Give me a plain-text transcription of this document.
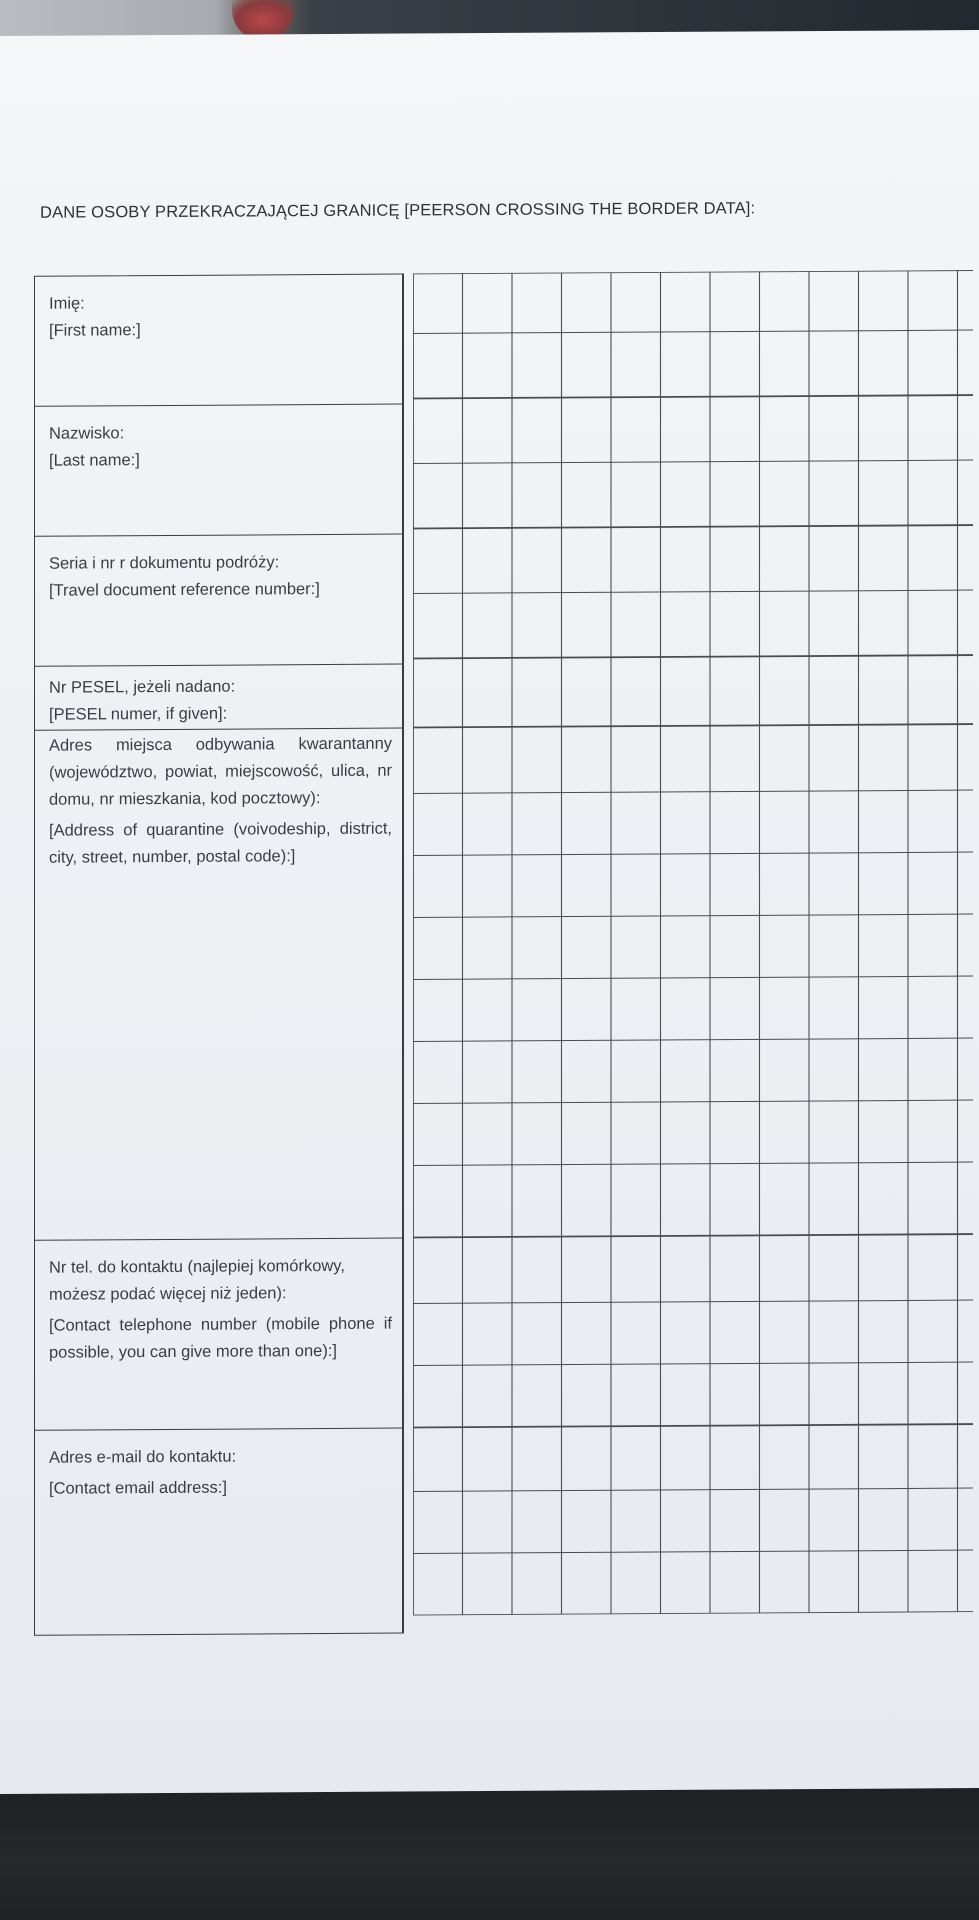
DANE OSOBY PRZEKRACZAJĄCEJ GRANICĘ [PEERSON CROSSING THE BORDER DATA]:

Imię:

[First name:]

Nazwisko:

[Last name:]

Seria i nr r dokumentu podróży:

[Travel document reference number:]

Nr PESEL, jeżeli nadano:

[PESEL numer, if given]:

Adres miejsca odbywania kwarantanny (województwo, powiat, miejscowość, ulica, nr domu, nr mieszkania, kod pocztowy):

[Address of quarantine (voivodeship, district, city, street, number, postal code):]

Nr tel. do kontaktu (najlepiej komórkowy, możesz podać więcej niż jeden):

[Contact telephone number (mobile phone if possible, you can give more than one):]

Adres e-mail do kontaktu:

[Contact email address:]
